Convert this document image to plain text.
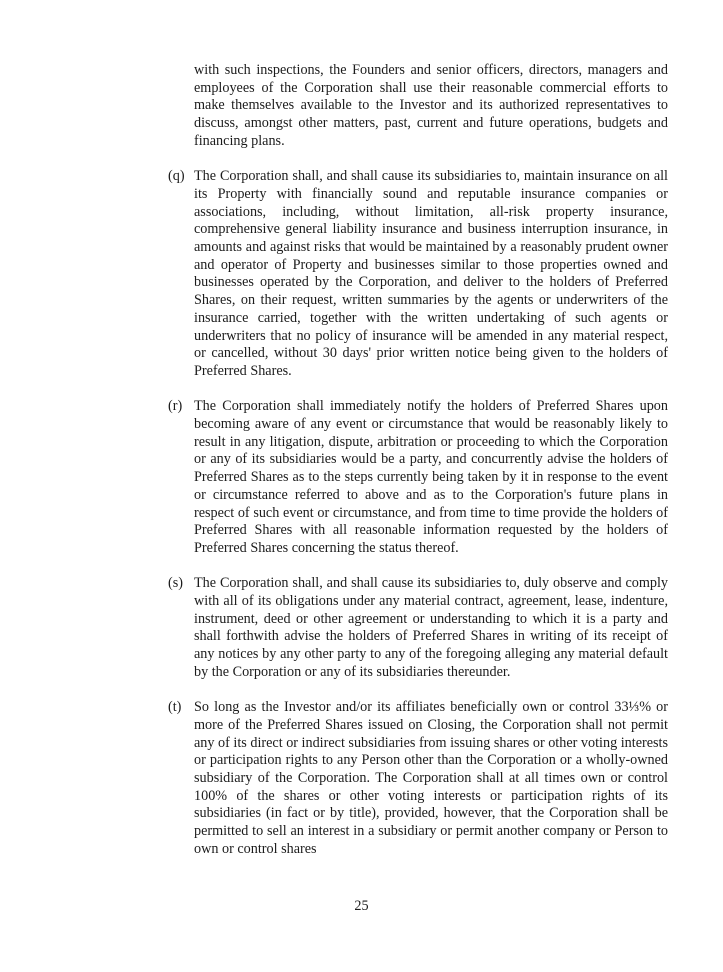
with such inspections, the Founders and senior officers, directors, managers and employees of the Corporation shall use their reasonable commercial efforts to make themselves available to the Investor and its authorized representatives to discuss, amongst other matters, past, current and future operations, budgets and financing plans.
(q) The Corporation shall, and shall cause its subsidiaries to, maintain insurance on all its Property with financially sound and reputable insurance companies or associations, including, without limitation, all-risk property insurance, comprehensive general liability insurance and business interruption insurance, in amounts and against risks that would be maintained by a reasonably prudent owner and operator of Property and businesses similar to those properties owned and businesses operated by the Corporation, and deliver to the holders of Preferred Shares, on their request, written summaries by the agents or underwriters of the insurance carried, together with the written undertaking of such agents or underwriters that no policy of insurance will be amended in any material respect, or cancelled, without 30 days' prior written notice being given to the holders of Preferred Shares.
(r) The Corporation shall immediately notify the holders of Preferred Shares upon becoming aware of any event or circumstance that would be reasonably likely to result in any litigation, dispute, arbitration or proceeding to which the Corporation or any of its subsidiaries would be a party, and concurrently advise the holders of Preferred Shares as to the steps currently being taken by it in response to the event or circumstance referred to above and as to the Corporation's future plans in respect of such event or circumstance, and from time to time provide the holders of Preferred Shares with all reasonable information requested by the holders of Preferred Shares concerning the status thereof.
(s) The Corporation shall, and shall cause its subsidiaries to, duly observe and comply with all of its obligations under any material contract, agreement, lease, indenture, instrument, deed or other agreement or understanding to which it is a party and shall forthwith advise the holders of Preferred Shares in writing of its receipt of any notices by any other party to any of the foregoing alleging any material default by the Corporation or any of its subsidiaries thereunder.
(t) So long as the Investor and/or its affiliates beneficially own or control 33⅓% or more of the Preferred Shares issued on Closing, the Corporation shall not permit any of its direct or indirect subsidiaries from issuing shares or other voting interests or participation rights to any Person other than the Corporation or a wholly-owned subsidiary of the Corporation. The Corporation shall at all times own or control 100% of the shares or other voting interests or participation rights of its subsidiaries (in fact or by title), provided, however, that the Corporation shall be permitted to sell an interest in a subsidiary or permit another company or Person to own or control shares
25
